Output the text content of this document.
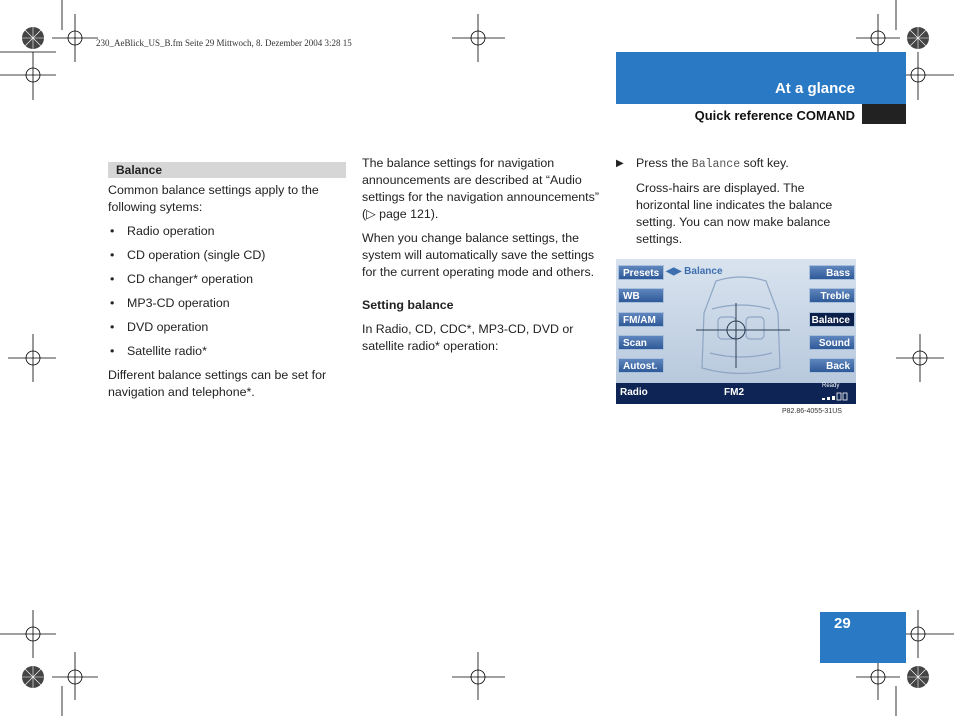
230_AeBlick_US_B.fm Seite 29 Mittwoch, 8. Dezember 2004 3:28 15
At a glance
Quick reference COMAND
Balance

Common balance settings apply to the following sytems:

• Radio operation
• CD operation (single CD)
• CD changer* operation
• MP3-CD operation
• DVD operation
• Satellite radio*

Different balance settings can be set for navigation and telephone*.

The balance settings for navigation announcements are described at “Audio settings for the navigation announcements” (▷ page 121).

When you change balance settings, the system will automatically save the settings for the current operating mode and others.

Setting balance

In Radio, CD, CDC*, MP3-CD, DVD or satellite radio* operation:

▶ Press the Balance soft key.

Cross-hairs are displayed. The horizontal line indicates the balance setting. You can now make balance settings.

◀▶ Balance
Presets
WB
FM/AM
Scan
Autost.
Bass
Treble
Balance
Sound
Back
Radio	FM2
Ready
P82.86-4055-31US
29
